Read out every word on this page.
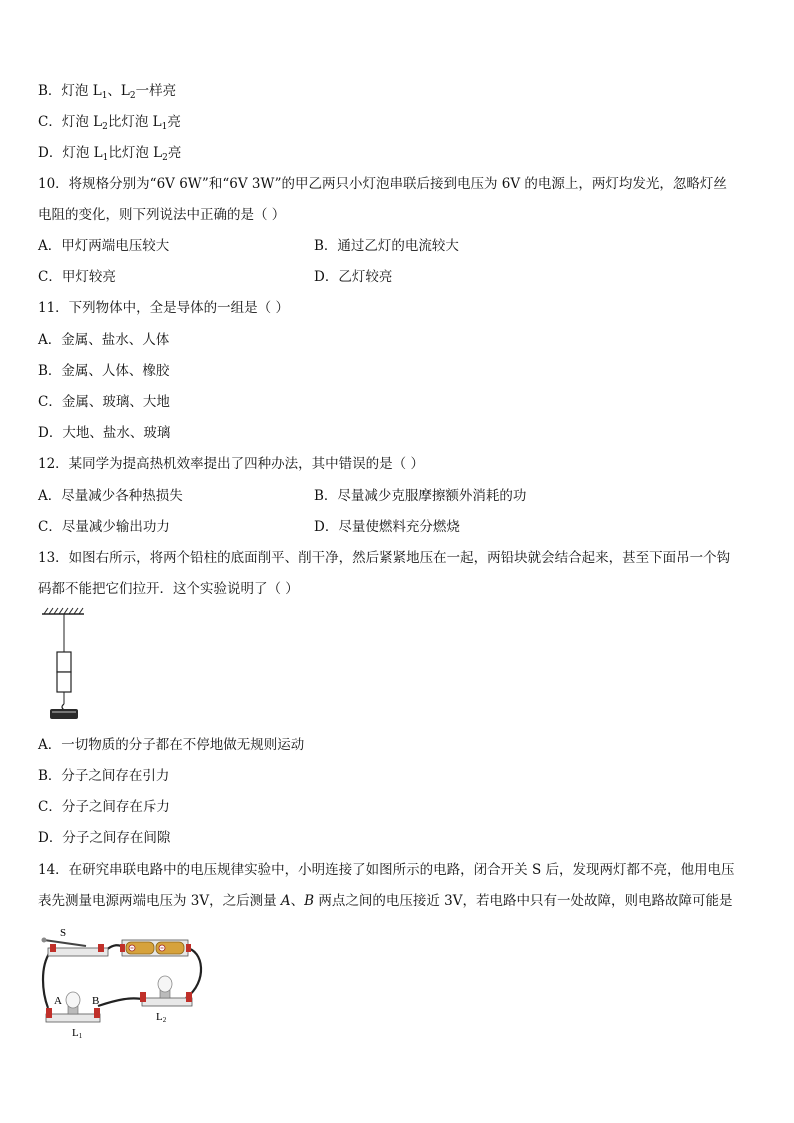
B．灯泡 $L_1$、$L_2$一样亮
C．灯泡 $L_2$比灯泡 $L_1$亮
D．灯泡 $L_1$比灯泡 $L_2$亮
10．将规格分别为“6V 6W”和“6V 3W”的甲乙两只小灯泡串联后接到电压为 6V 的电源上，两灯均发光，忽略灯丝
电阻的变化，则下列说法中正确的是（ ）
A．甲灯两端电压较大	B．通过乙灯的电流较大
C．甲灯较亮	D．乙灯较亮
11．下列物体中，全是导体的一组是（ ）
A．金属、盐水、人体
B．金属、人体、橡胶
C．金属、玻璃、大地
D．大地、盐水、玻璃
12．某同学为提高热机效率提出了四种办法，其中错误的是（ ）
A．尽量减少各种热损失	B．尽量减少克服摩擦额外消耗的功
C．尽量减少输出功力	D．尽量使燃料充分燃烧
13．如图右所示，将两个铅柱的底面削平、削干净，然后紧紧地压在一起，两铅块就会结合起来，甚至下面吊一个钩
码都不能把它们拉开．这个实验说明了（ ）
A．一切物质的分子都在不停地做无规则运动
B．分子之间存在引力
C．分子之间存在斥力
D．分子之间存在间隙
14．在研究串联电路中的电压规律实验中，小明连接了如图所示的电路，闭合开关 S 后，发现两灯都不亮，他用电压
表先测量电源两端电压为 3V，之后测量 A、B 两点之间的电压接近 3V，若电路中只有一处故障，则电路故障可能是
S
A	B
L1
L2
